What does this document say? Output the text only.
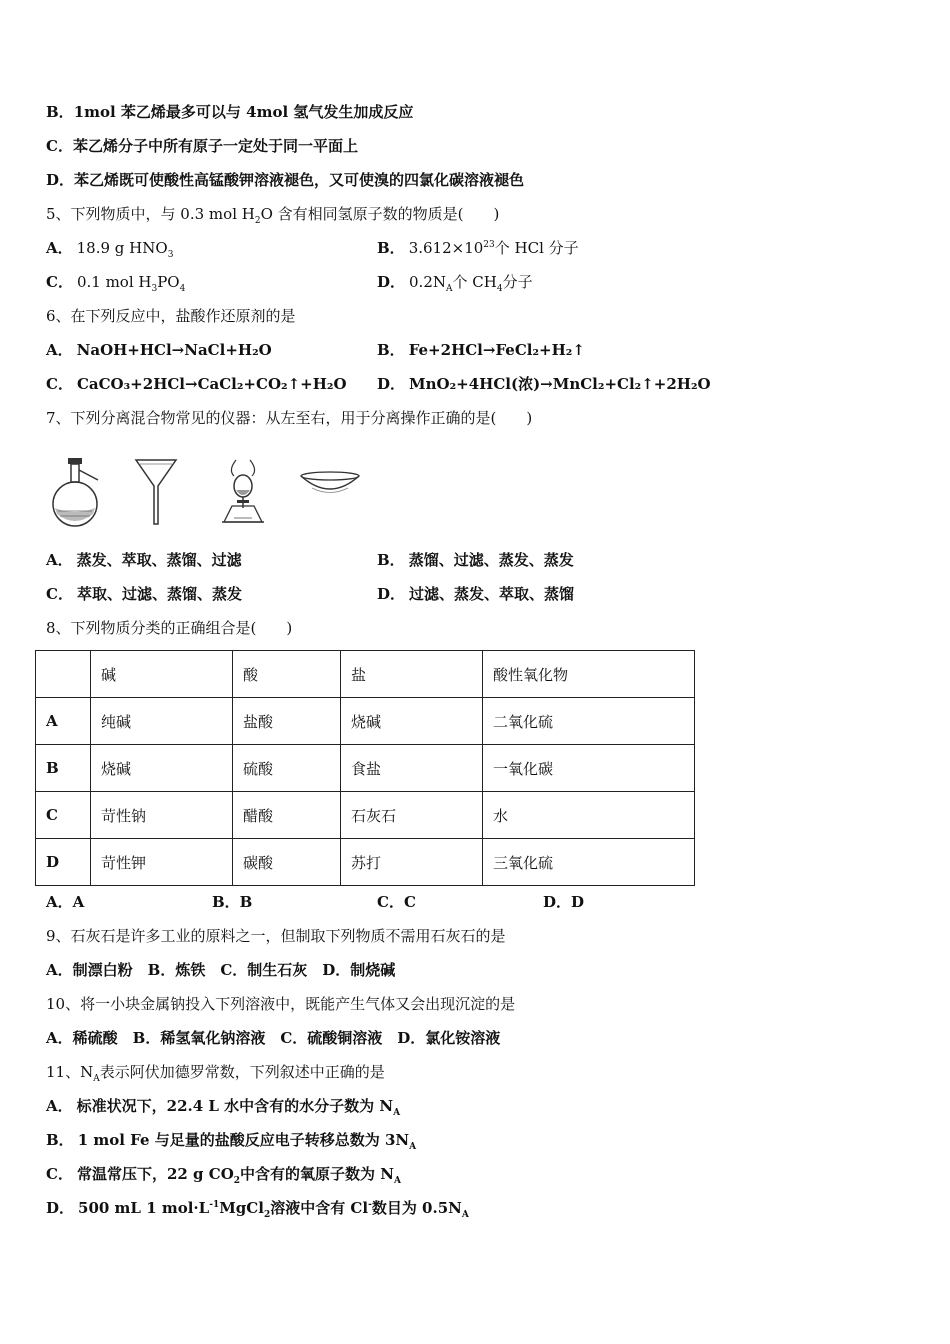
B．1mol 苯乙烯最多可以与 4mol 氢气发生加成反应
C．苯乙烯分子中所有原子一定处于同一平面上
D．苯乙烯既可使酸性高锰酸钾溶液褪色，又可使溴的四氯化碳溶液褪色
5、下列物质中，与 0.3 mol $H_2O$ 含有相同氢原子数的物质是(　　)
A． 18.9 g $HNO_3$	B． $3.612\times 10^{23}$个 HCl 分子
C． 0.1 mol $H_3PO_4$	D． $0.2N_A$个 $CH_4$分子
6、在下列反应中，盐酸作还原剂的是
A． NaOH+HCl→NaCl+H₂O	B． Fe+2HCl→FeCl₂+H₂↑
C． CaCO₃+2HCl→CaCl₂+CO₂↑+H₂O D． MnO₂+4HCl(浓)→MnCl₂+Cl₂↑+2H₂O
7、下列分离混合物常见的仪器：从左至右，用于分离操作正确的是(　　)
A． 蒸发、萃取、蒸馏、过滤	B． 蒸馏、过滤、蒸发、蒸发
C． 萃取、过滤、蒸馏、蒸发	D． 过滤、蒸发、萃取、蒸馏
8、下列物质分类的正确组合是(　　)
	碱	酸	盐	酸性氧化物
A	纯碱	盐酸	烧碱	二氧化硫
B	烧碱	硫酸	食盐	一氧化碳
C	苛性钠	醋酸	石灰石	水
D	苛性钾	碳酸	苏打	三氧化硫
A．A	B．B	C．C	D．D
9、石灰石是许多工业的原料之一，但制取下列物质不需用石灰石的是
A．制漂白粉　B．炼铁　C．制生石灰　D．制烧碱
10、将一小块金属钠投入下列溶液中，既能产生气体又会出现沉淀的是
A．稀硫酸　B．稀氢氧化钠溶液　C．硫酸铜溶液　D．氯化铵溶液
11、$N_A$表示阿伏加德罗常数，下列叙述中正确的是
A． 标准状况下，22.4 L 水中含有的水分子数为 $N_A$
B． 1 mol Fe 与足量的盐酸反应电子转移总数为 $3N_A$
C． 常温常压下，22 g $CO_2$中含有的氧原子数为 $N_A$
D． 500 mL 1 $mol\cdot L^{-1}MgCl_2$溶液中含有 Cl-数目为 $0.5N_A$
